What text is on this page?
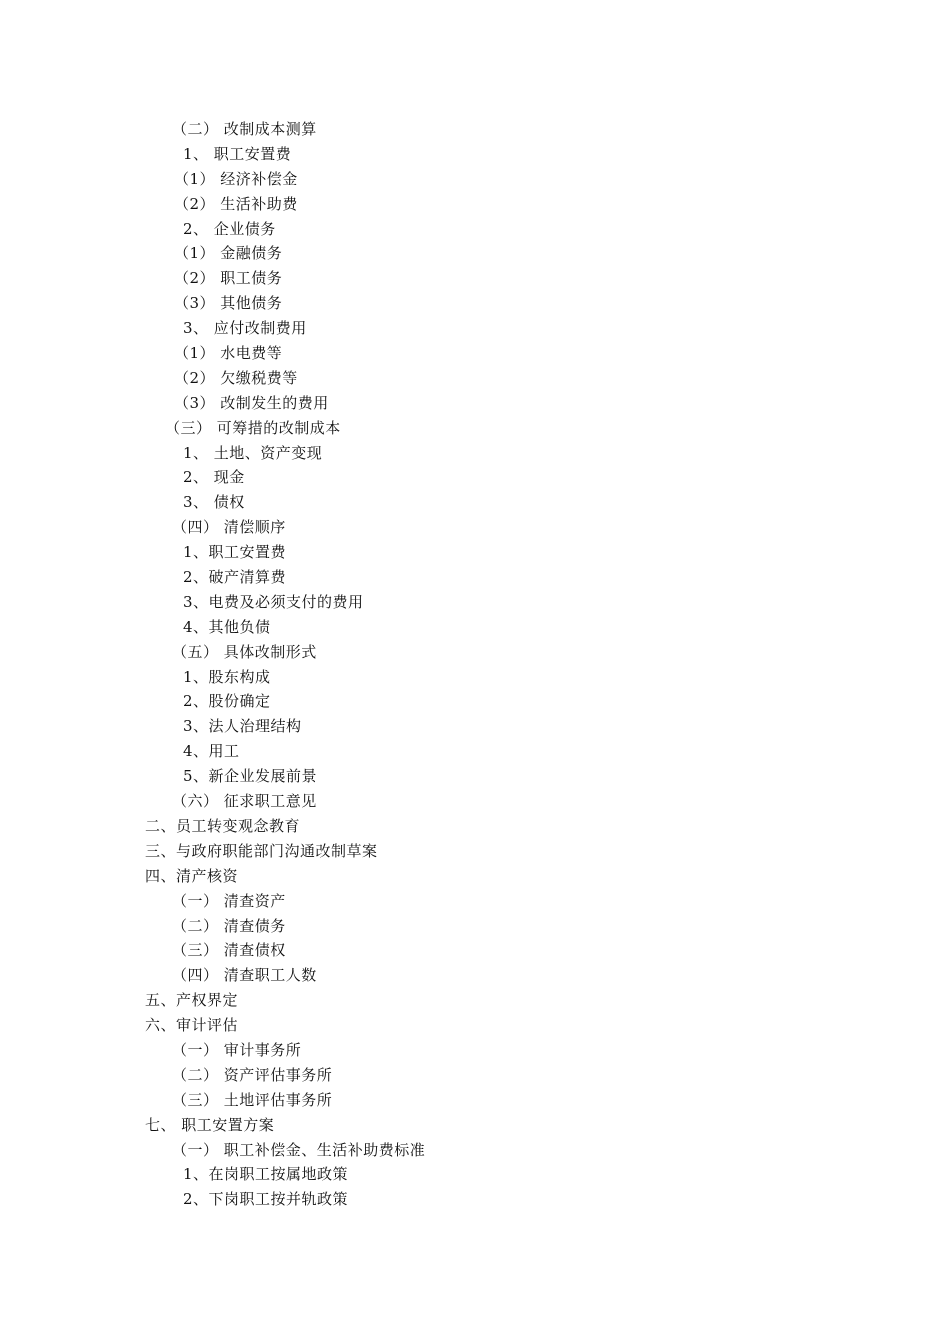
（二） 改制成本测算
1、 职工安置费
（1） 经济补偿金
（2） 生活补助费
2、 企业债务
（1） 金融债务
（2） 职工债务
（3） 其他债务
3、 应付改制费用
（1） 水电费等
（2） 欠缴税费等
（3） 改制发生的费用
（三） 可筹措的改制成本
1、 土地、资产变现
2、 现金
3、 债权
（四） 清偿顺序
1、职工安置费
2、破产清算费
3、电费及必须支付的费用
4、其他负债
（五） 具体改制形式
1、股东构成
2、股份确定
3、法人治理结构
4、用工
5、新企业发展前景
（六） 征求职工意见
二、员工转变观念教育
三、与政府职能部门沟通改制草案
四、清产核资
（一） 清查资产
（二） 清查债务
（三） 清查债权
（四） 清查职工人数
五、产权界定
六、审计评估
（一） 审计事务所
（二） 资产评估事务所
（三） 土地评估事务所
七、 职工安置方案
（一） 职工补偿金、生活补助费标准
1、在岗职工按属地政策
2、下岗职工按并轨政策
